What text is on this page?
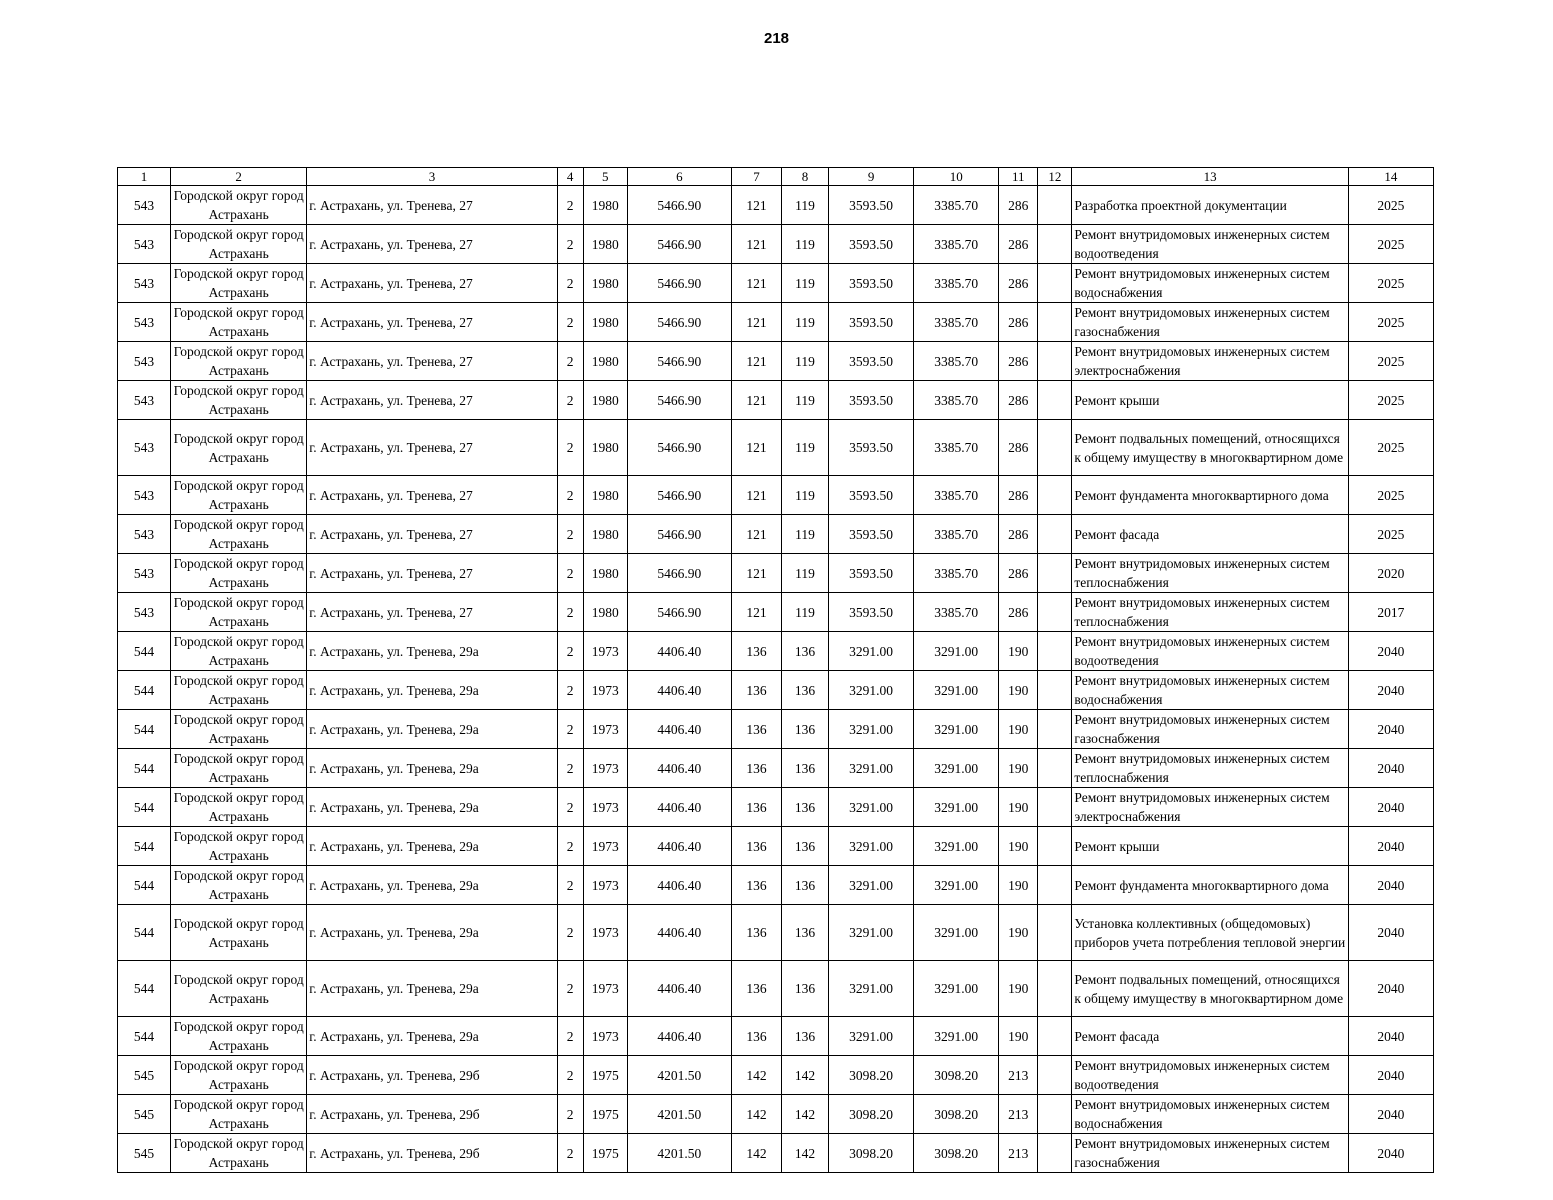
218
1	2	3	4	5	6	7	8	9	10	11	12	13	14
543	Городской округ город Астрахань	г. Астрахань, ул. Тренева, 27	2	1980	5466.90	121	119	3593.50	3385.70	286		Разработка проектной документации	2025
543	Городской округ город Астрахань	г. Астрахань, ул. Тренева, 27	2	1980	5466.90	121	119	3593.50	3385.70	286		Ремонт внутридомовых инженерных систем водоотведения	2025
543	Городской округ город Астрахань	г. Астрахань, ул. Тренева, 27	2	1980	5466.90	121	119	3593.50	3385.70	286		Ремонт внутридомовых инженерных систем водоснабжения	2025
543	Городской округ город Астрахань	г. Астрахань, ул. Тренева, 27	2	1980	5466.90	121	119	3593.50	3385.70	286		Ремонт внутридомовых инженерных систем газоснабжения	2025
543	Городской округ город Астрахань	г. Астрахань, ул. Тренева, 27	2	1980	5466.90	121	119	3593.50	3385.70	286		Ремонт внутридомовых инженерных систем электроснабжения	2025
543	Городской округ город Астрахань	г. Астрахань, ул. Тренева, 27	2	1980	5466.90	121	119	3593.50	3385.70	286		Ремонт крыши	2025
543	Городской округ город Астрахань	г. Астрахань, ул. Тренева, 27	2	1980	5466.90	121	119	3593.50	3385.70	286		Ремонт подвальных помещений, относящихся к общему имуществу в многоквартирном доме	2025
543	Городской округ город Астрахань	г. Астрахань, ул. Тренева, 27	2	1980	5466.90	121	119	3593.50	3385.70	286		Ремонт фундамента многоквартирного дома	2025
543	Городской округ город Астрахань	г. Астрахань, ул. Тренева, 27	2	1980	5466.90	121	119	3593.50	3385.70	286		Ремонт фасада	2025
543	Городской округ город Астрахань	г. Астрахань, ул. Тренева, 27	2	1980	5466.90	121	119	3593.50	3385.70	286		Ремонт внутридомовых инженерных систем теплоснабжения	2020
543	Городской округ город Астрахань	г. Астрахань, ул. Тренева, 27	2	1980	5466.90	121	119	3593.50	3385.70	286		Ремонт внутридомовых инженерных систем теплоснабжения	2017
544	Городской округ город Астрахань	г. Астрахань, ул. Тренева, 29а	2	1973	4406.40	136	136	3291.00	3291.00	190		Ремонт внутридомовых инженерных систем водоотведения	2040
544	Городской округ город Астрахань	г. Астрахань, ул. Тренева, 29а	2	1973	4406.40	136	136	3291.00	3291.00	190		Ремонт внутридомовых инженерных систем водоснабжения	2040
544	Городской округ город Астрахань	г. Астрахань, ул. Тренева, 29а	2	1973	4406.40	136	136	3291.00	3291.00	190		Ремонт внутридомовых инженерных систем газоснабжения	2040
544	Городской округ город Астрахань	г. Астрахань, ул. Тренева, 29а	2	1973	4406.40	136	136	3291.00	3291.00	190		Ремонт внутридомовых инженерных систем теплоснабжения	2040
544	Городской округ город Астрахань	г. Астрахань, ул. Тренева, 29а	2	1973	4406.40	136	136	3291.00	3291.00	190		Ремонт внутридомовых инженерных систем электроснабжения	2040
544	Городской округ город Астрахань	г. Астрахань, ул. Тренева, 29а	2	1973	4406.40	136	136	3291.00	3291.00	190		Ремонт крыши	2040
544	Городской округ город Астрахань	г. Астрахань, ул. Тренева, 29а	2	1973	4406.40	136	136	3291.00	3291.00	190		Ремонт фундамента многоквартирного дома	2040
544	Городской округ город Астрахань	г. Астрахань, ул. Тренева, 29а	2	1973	4406.40	136	136	3291.00	3291.00	190		Установка коллективных (общедомовых) приборов учета потребления тепловой энергии	2040
544	Городской округ город Астрахань	г. Астрахань, ул. Тренева, 29а	2	1973	4406.40	136	136	3291.00	3291.00	190		Ремонт подвальных помещений, относящихся к общему имуществу в многоквартирном доме	2040
544	Городской округ город Астрахань	г. Астрахань, ул. Тренева, 29а	2	1973	4406.40	136	136	3291.00	3291.00	190		Ремонт фасада	2040
545	Городской округ город Астрахань	г. Астрахань, ул. Тренева, 29б	2	1975	4201.50	142	142	3098.20	3098.20	213		Ремонт внутридомовых инженерных систем водоотведения	2040
545	Городской округ город Астрахань	г. Астрахань, ул. Тренева, 29б	2	1975	4201.50	142	142	3098.20	3098.20	213		Ремонт внутридомовых инженерных систем водоснабжения	2040
545	Городской округ город Астрахань	г. Астрахань, ул. Тренева, 29б	2	1975	4201.50	142	142	3098.20	3098.20	213		Ремонт внутридомовых инженерных систем газоснабжения	2040
